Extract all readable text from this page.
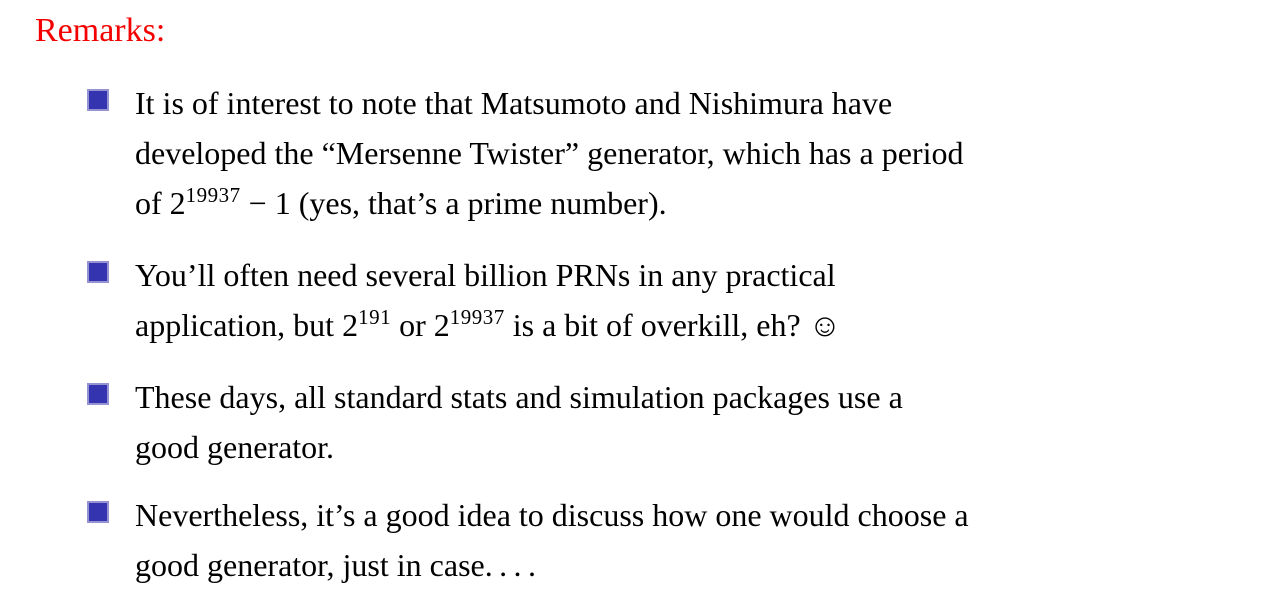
Remarks:
It is of interest to note that Matsumoto and Nishimura have
developed the “Mersenne Twister” generator, which has a period
of $2^{19937} - 1$ (yes, that’s a prime number).
You’ll often need several billion PRNs in any practical
application, but $2^{191}$ or $2^{19937}$ is a bit of overkill, eh? ☺
These days, all standard stats and simulation packages use a
good generator.
Nevertheless, it’s a good idea to discuss how one would choose a
good generator, just in case. . . .
